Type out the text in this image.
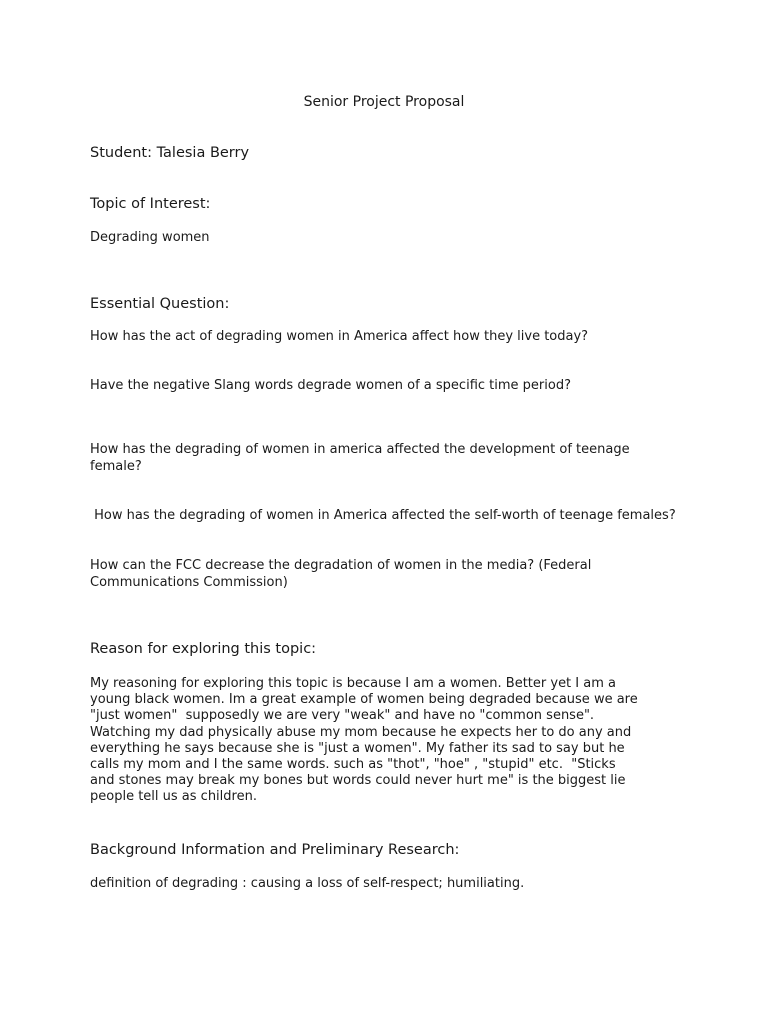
Senior Project Proposal

Student: Talesia Berry

Topic of Interest:

Degrading women

Essential Question:

How has the act of degrading women in America affect how they live today?

Have the negative Slang words degrade women of a specific time period?

How has the degrading of women in america affected the development of teenage female?

How has the degrading of women in America affected the self-worth of teenage females?

How can the FCC decrease the degradation of women in the media? (Federal Communications Commission)

Reason for exploring this topic:

My reasoning for exploring this topic is because I am a women. Better yet I am a
young black women. Im a great example of women being degraded because we are
"just women"  supposedly we are very "weak" and have no "common sense".
Watching my dad physically abuse my mom because he expects her to do any and
everything he says because she is "just a women". My father its sad to say but he
calls my mom and I the same words. such as "thot", "hoe" , "stupid" etc.  "Sticks
and stones may break my bones but words could never hurt me" is the biggest lie
people tell us as children.

Background Information and Preliminary Research:

definition of degrading : causing a loss of self-respect; humiliating.
